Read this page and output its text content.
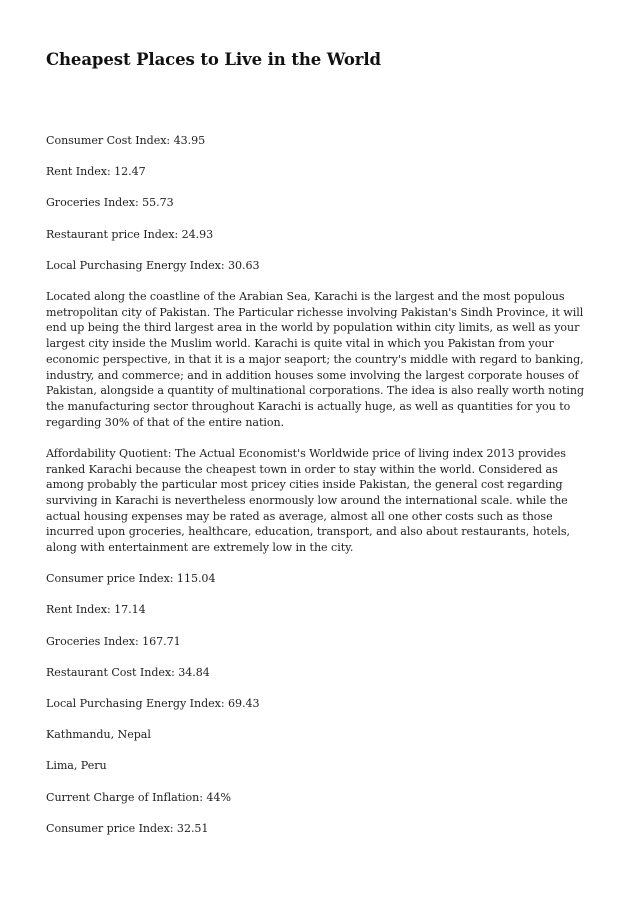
Cheapest Places to Live in the World

Consumer Cost Index: 43.95

Rent Index: 12.47

Groceries Index: 55.73

Restaurant price Index: 24.93

Local Purchasing Energy Index: 30.63

Located along the coastline of the Arabian Sea, Karachi is the largest and the most populous metropolitan city of Pakistan. The Particular richesse involving Pakistan's Sindh Province, it will end up being the third largest area in the world by population within city limits, as well as your largest city inside the Muslim world. Karachi is quite vital in which you Pakistan from your economic perspective, in that it is a major seaport; the country's middle with regard to banking, industry, and commerce; and in addition houses some involving the largest corporate houses of Pakistan, alongside a quantity of multinational corporations. The idea is also really worth noting the manufacturing sector throughout Karachi is actually huge, as well as quantities for you to regarding 30% of that of the entire nation.

Affordability Quotient: The Actual Economist's Worldwide price of living index 2013 provides ranked Karachi because the cheapest town in order to stay within the world. Considered as among probably the particular most pricey cities inside Pakistan, the general cost regarding surviving in Karachi is nevertheless enormously low around the international scale. while the actual housing expenses may be rated as average, almost all one other costs such as those incurred upon groceries, healthcare, education, transport, and also about restaurants, hotels, along with entertainment are extremely low in the city.

Consumer price Index: 115.04

Rent Index: 17.14

Groceries Index: 167.71

Restaurant Cost Index: 34.84

Local Purchasing Energy Index: 69.43

Kathmandu, Nepal

Lima, Peru

Current Charge of Inflation: 44%

Consumer price Index: 32.51
